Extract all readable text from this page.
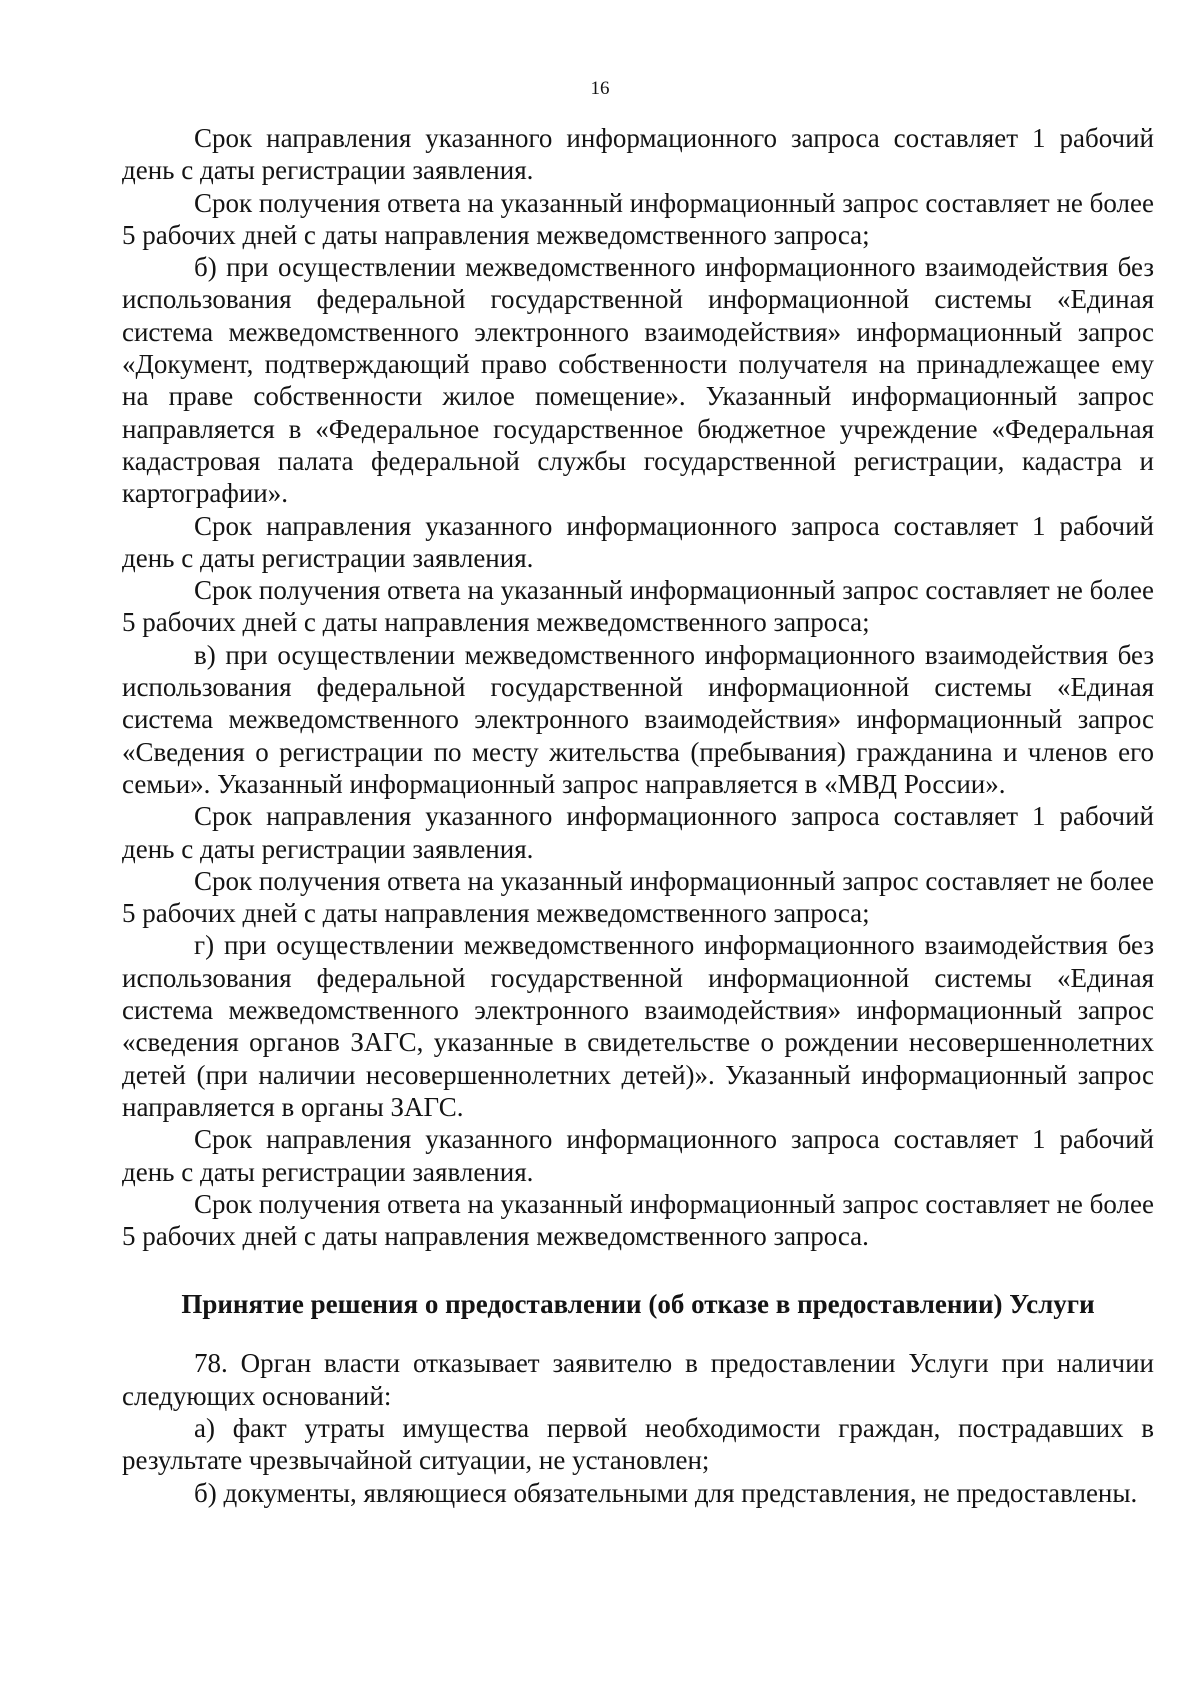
16

Срок направления указанного информационного запроса составляет 1 рабочий день с даты регистрации заявления.

Срок получения ответа на указанный информационный запрос составляет не более 5 рабочих дней с даты направления межведомственного запроса;

б) при осуществлении межведомственного информационного взаимодействия без использования федеральной государственной информационной системы «Единая система межведомственного электронного взаимодействия» информационный запрос «Документ, подтверждающий право собственности получателя на принадлежащее ему на праве собственности жилое помещение». Указанный информационный запрос направляется в «Федеральное государственное бюджетное учреждение «Федеральная кадастровая палата федеральной службы государственной регистрации, кадастра и картографии».

Срок направления указанного информационного запроса составляет 1 рабочий день с даты регистрации заявления.

Срок получения ответа на указанный информационный запрос составляет не более 5 рабочих дней с даты направления межведомственного запроса;

в) при осуществлении межведомственного информационного взаимодействия без использования федеральной государственной информационной системы «Единая система межведомственного электронного взаимодействия» информационный запрос «Сведения о регистрации по месту жительства (пребывания) гражданина и членов его семьи». Указанный информационный запрос направляется в «МВД России».

Срок направления указанного информационного запроса составляет 1 рабочий день с даты регистрации заявления.

Срок получения ответа на указанный информационный запрос составляет не более 5 рабочих дней с даты направления межведомственного запроса;

г) при осуществлении межведомственного информационного взаимодействия без использования федеральной государственной информационной системы «Единая система межведомственного электронного взаимодействия» информационный запрос «сведения органов ЗАГС, указанные в свидетельстве о рождении несовершеннолетних детей (при наличии несовершеннолетних детей)». Указанный информационный запрос направляется в органы ЗАГС.

Срок направления указанного информационного запроса составляет 1 рабочий день с даты регистрации заявления.

Срок получения ответа на указанный информационный запрос составляет не более 5 рабочих дней с даты направления межведомственного запроса.

Принятие решения о предоставлении (об отказе в предоставлении) Услуги

78. Орган власти отказывает заявителю в предоставлении Услуги при наличии следующих оснований:

а) факт утраты имущества первой необходимости граждан, пострадавших в результате чрезвычайной ситуации, не установлен;

б) документы, являющиеся обязательными для представления, не предоставлены.
